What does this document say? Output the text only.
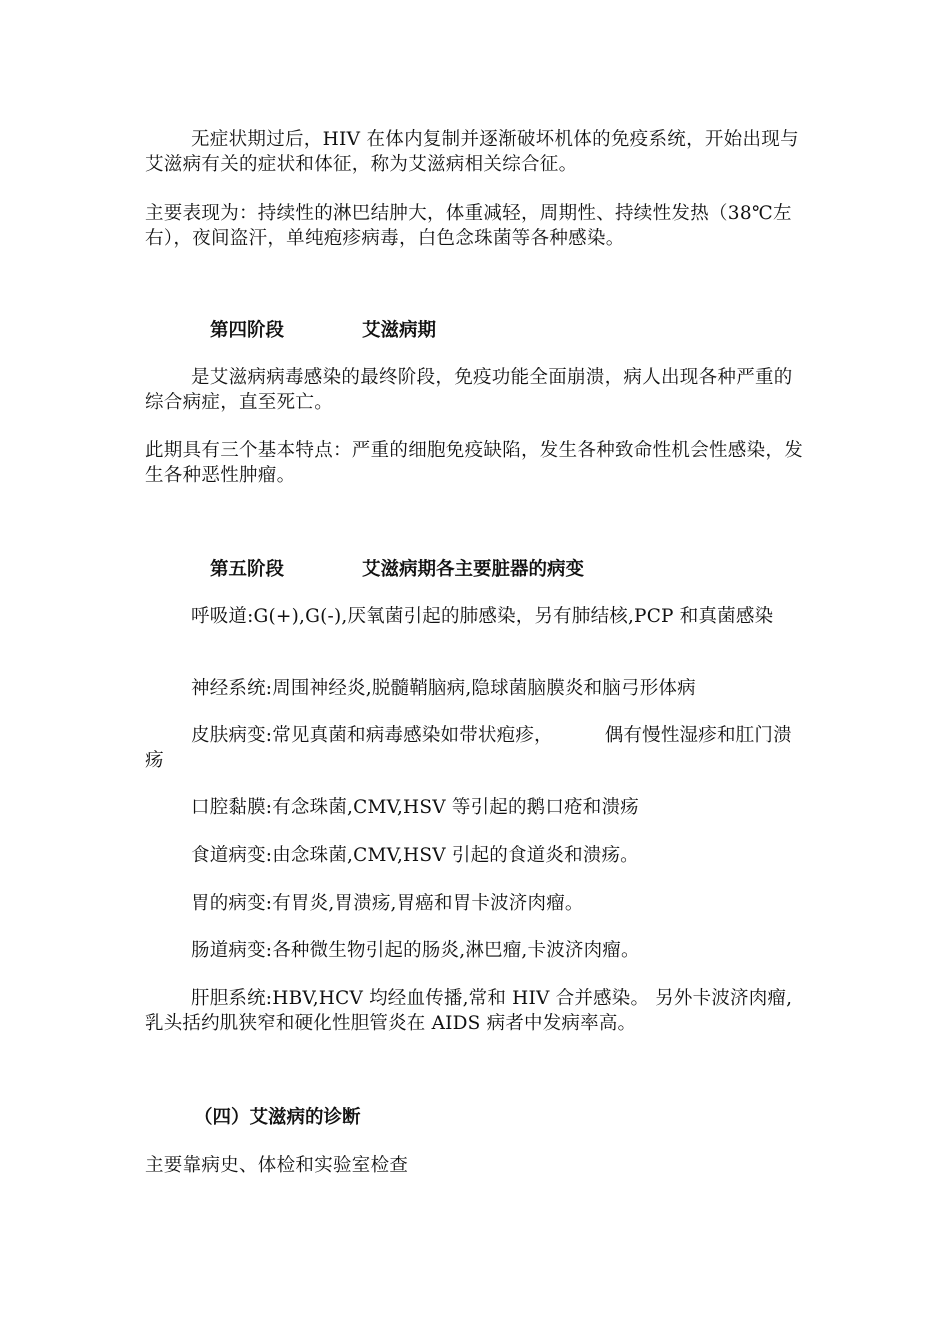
无症状期过后，HIV 在体内复制并逐渐破坏机体的免疫系统，开始出现与艾滋病有关的症状和体征，称为艾滋病相关综合征。

主要表现为：持续性的淋巴结肿大，体重减轻，周期性、持续性发热（38℃左右），夜间盗汗，单纯疱疹病毒，白色念珠菌等各种感染。

第四阶段	艾滋病期

是艾滋病病毒感染的最终阶段，免疫功能全面崩溃，病人出现各种严重的综合病症，直至死亡。

此期具有三个基本特点：严重的细胞免疫缺陷，发生各种致命性机会性感染，发生各种恶性肿瘤。

第五阶段	艾滋病期各主要脏器的病变

呼吸道:G(+),G(-),厌氧菌引起的肺感染，另有肺结核,PCP 和真菌感染

神经系统:周围神经炎,脱髓鞘脑病,隐球菌脑膜炎和脑弓形体病

皮肤病变:常见真菌和病毒感染如带状疱疹，	偶有慢性湿疹和肛门溃疡

口腔黏膜:有念珠菌,CMV,HSV 等引起的鹅口疮和溃疡

食道病变:由念珠菌,CMV,HSV 引起的食道炎和溃疡。

胃的病变:有胃炎,胃溃疡,胃癌和胃卡波济肉瘤。

肠道病变:各种微生物引起的肠炎,淋巴瘤,卡波济肉瘤。

肝胆系统:HBV,HCV 均经血传播,常和 HIV 合并感染。 另外卡波济肉瘤,乳头括约肌狭窄和硬化性胆管炎在 AIDS 病者中发病率高。

（四）艾滋病的诊断

主要靠病史、体检和实验室检查
